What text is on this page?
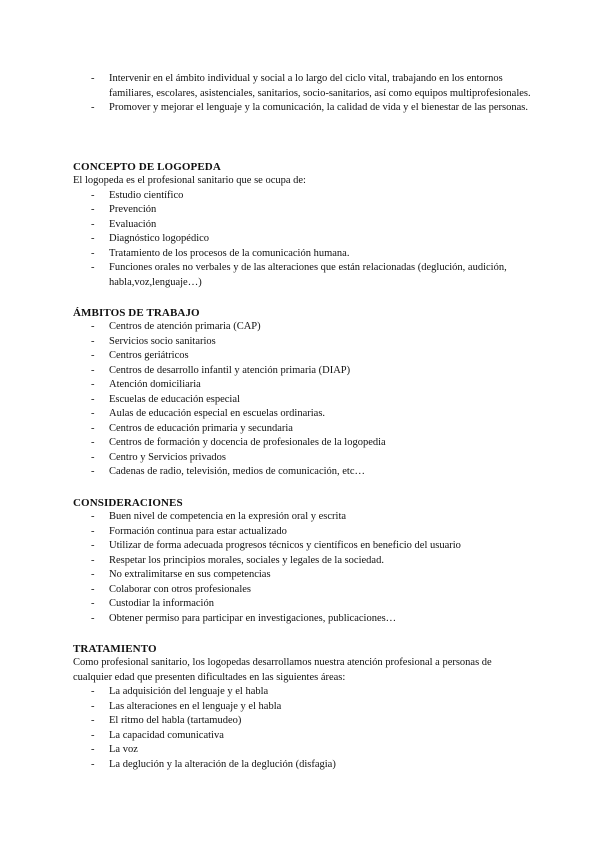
- Intervenir en el ámbito individual y social a lo largo del ciclo vital, trabajando en los entornos familiares, escolares, asistenciales, sanitarios, socio-sanitarios, así como equipos multiprofesionales.
- Promover y mejorar el lenguaje y la comunicación, la calidad de vida y el bienestar de las personas.
CONCEPTO DE LOGOPEDA

El logopeda es el profesional sanitario que se ocupa de:

- Estudio científico
- Prevención
- Evaluación
- Diagnóstico logopédico
- Tratamiento de los procesos de la comunicación humana.
- Funciones orales no verbales y de las alteraciones que están relacionadas (deglución, audición, habla,voz,lenguaje…)
ÁMBITOS DE TRABAJO
- Centros de atención primaria (CAP)
- Servicios socio sanitarios
- Centros geriátricos
- Centros de desarrollo infantil y atención primaria (DIAP)
- Atención domiciliaria
- Escuelas de educación especial
- Aulas de educación especial en escuelas ordinarias.
- Centros de educación primaria y secundaria
- Centros de formación y docencia de profesionales de la logopedia
- Centro y Servicios privados
- Cadenas de radio, televisión, medios de comunicación, etc…
CONSIDERACIONES
- Buen nivel de competencia en la expresión oral y escrita
- Formación continua para estar actualizado
- Utilizar de forma adecuada progresos técnicos y científicos en beneficio del usuario
- Respetar los principios morales, sociales y legales de la sociedad.
- No extralimitarse en sus competencias
- Colaborar con otros profesionales
- Custodiar la información
- Obtener permiso para participar en investigaciones, publicaciones…
TRATAMIENTO

Como profesional sanitario, los logopedas desarrollamos nuestra atención profesional a personas de cualquier edad que presenten dificultades en las siguientes áreas:

- La adquisición del lenguaje y el habla
- Las alteraciones en el lenguaje y el habla
- El ritmo del habla (tartamudeo)
- La capacidad comunicativa
- La voz
- La deglución y la alteración de la deglución (disfagia)
